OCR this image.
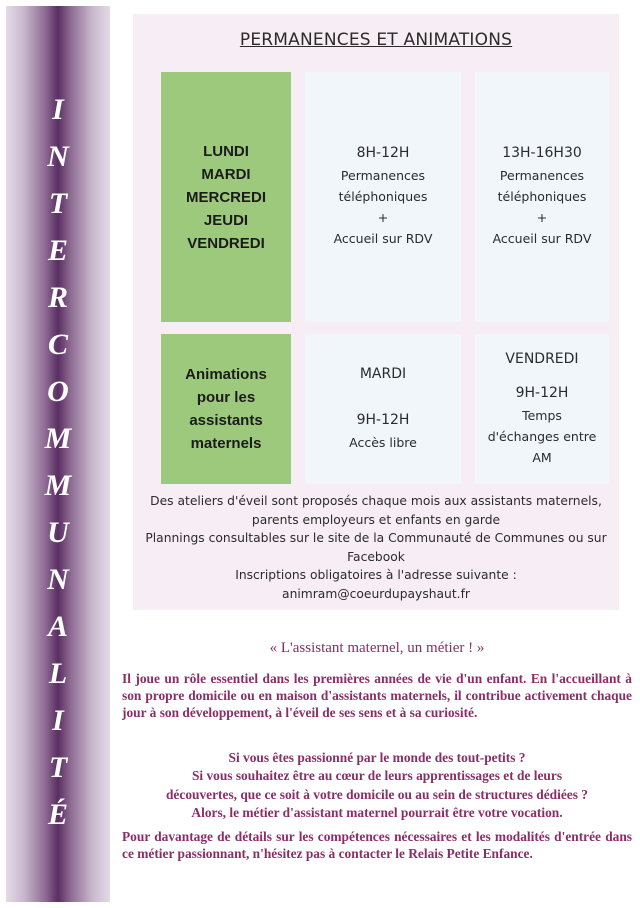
I
N
T
E
R
C
O
M
M
U
N
A
L
I
T
É
PERMANENCES ET ANIMATIONS
LUNDI
MARDI
MERCREDI
JEUDI
VENDREDI
8H-12H
Permanences
téléphoniques
+
Accueil sur RDV
13H-16H30
Permanences
téléphoniques
+
Accueil sur RDV
Animations
pour les
assistants
maternels
MARDI
9H-12H
Accès libre
VENDREDI
9H-12H
Temps
d'échanges entre
AM
Des ateliers d'éveil sont proposés chaque mois aux assistants maternels,
parents employeurs et enfants en garde
Plannings consultables sur le site de la Communauté de Communes ou sur
Facebook
Inscriptions obligatoires à l'adresse suivante :
animram@coeurdupayshaut.fr
« L'assistant maternel, un métier ! »
Il joue un rôle essentiel dans les premières années de vie d'un enfant. En l'accueillant à son propre domicile ou en maison d'assistants maternels, il contribue activement chaque jour à son développement, à l'éveil de ses sens et à sa curiosité.
Si vous êtes passionné par le monde des tout-petits ?
Si vous souhaitez être au cœur de leurs apprentissages et de leurs
découvertes, que ce soit à votre domicile ou au sein de structures dédiées ?
Alors, le métier d'assistant maternel pourrait être votre vocation.
Pour davantage de détails sur les compétences nécessaires et les modalités d'entrée dans ce métier passionnant, n'hésitez pas à contacter le Relais Petite Enfance.
